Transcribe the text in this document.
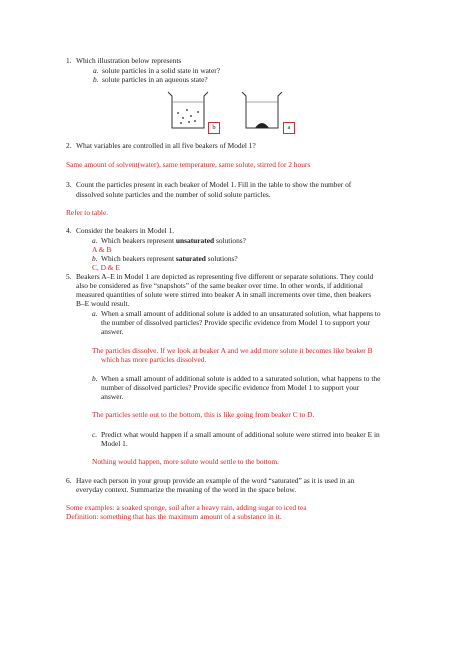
1. Which illustration below represents
a. solute particles in a solid state in water?
b. solute particles in an aqueous state?
b	a
2. What variables are controlled in all five beakers of Model 1?
Same amount of solvent(water), same temperature, same solute, stirred for 2 hours
3. Count the particles present in each beaker of Model 1. Fill in the table to show the number of
dissolved solute particles and the number of solid solute particles.
Refer to table.
4. Consider the beakers in Model 1.
a. Which beakers represent unsaturated solutions?
A & B
b. Which beakers represent saturated solutions?
C, D & E
5. Beakers A–E in Model 1 are depicted as representing five different or separate solutions. They could
also be considered as five “snapshots” of the same beaker over time. In other words, if additional
measured quantities of solute were stirred into beaker A in small increments over time, then beakers
B–E would result.
a. When a small amount of additional solute is added to an unsaturated solution, what happens to
the number of dissolved particles? Provide specific evidence from Model 1 to support your
answer.
The particles dissolve. If we look at beaker A and we add more solute it becomes like beaker B
which has more particles dissolved.
b. When a small amount of additional solute is added to a saturated solution, what happens to the
number of dissolved particles? Provide specific evidence from Model 1 to support your
answer.
The particles settle out to the bottom, this is like going from beaker C to D.
c. Predict what would happen if a small amount of additional solute were stirred into beaker E in
Model 1.
Nothing would happen, more solute would settle to the bottom.
6. Have each person in your group provide an example of the word “saturated” as it is used in an
everyday context. Summarize the meaning of the word in the space below.
Some examples: a soaked sponge, soil after a heavy rain, adding sugar to iced tea
Definition: something that has the maximum amount of a substance in it.
